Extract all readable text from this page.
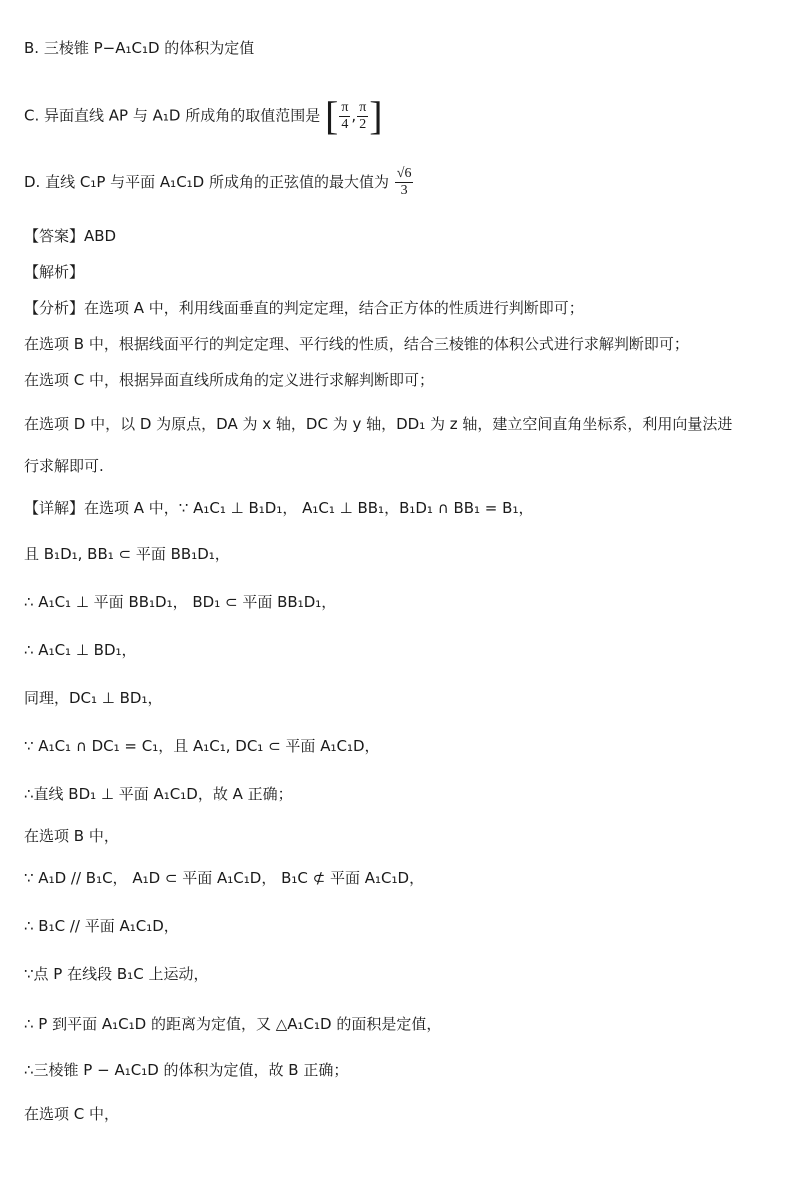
B. 三棱锥 P−A₁C₁D 的体积为定值
C. 异面直线 AP 与 A₁D 所成角的取值范围是 [ $\frac{\pi}{4}$ , $\frac{\pi}{2}$ ]
D. 直线 C₁P 与平面 A₁C₁D 所成角的正弦值的最大值为 $\frac{√6}{3}$
【答案】ABD
【解析】
【分析】在选项 A 中，利用线面垂直的判定定理，结合正方体的性质进行判断即可；
在选项 B 中，根据线面平行的判定定理、平行线的性质，结合三棱锥的体积公式进行求解判断即可；
在选项 C 中，根据异面直线所成角的定义进行求解判断即可；
在选项 D 中，以 D 为原点，DA 为 x 轴，DC 为 y 轴，DD₁ 为 z 轴，建立空间直角坐标系，利用向量法进
行求解即可.
【详解】在选项 A 中，∵ A₁C₁ ⊥ B₁D₁， A₁C₁ ⊥ BB₁，B₁D₁ ∩ BB₁ = B₁，
且 B₁D₁, BB₁ ⊂ 平面 BB₁D₁，
∴ A₁C₁ ⊥ 平面 BB₁D₁， BD₁ ⊂ 平面 BB₁D₁，
∴ A₁C₁ ⊥ BD₁，
同理，DC₁ ⊥ BD₁，
∵ A₁C₁ ∩ DC₁ = C₁，且 A₁C₁, DC₁ ⊂ 平面 A₁C₁D，
∴直线 BD₁ ⊥ 平面 A₁C₁D，故 A 正确；
在选项 B 中，
∵ A₁D // B₁C， A₁D ⊂ 平面 A₁C₁D， B₁C ⊄ 平面 A₁C₁D，
∴ B₁C // 平面 A₁C₁D，
∵点 P 在线段 B₁C 上运动，
∴ P 到平面 A₁C₁D 的距离为定值，又 △A₁C₁D 的面积是定值，
∴三棱锥 P − A₁C₁D 的体积为定值，故 B 正确；
在选项 C 中，
